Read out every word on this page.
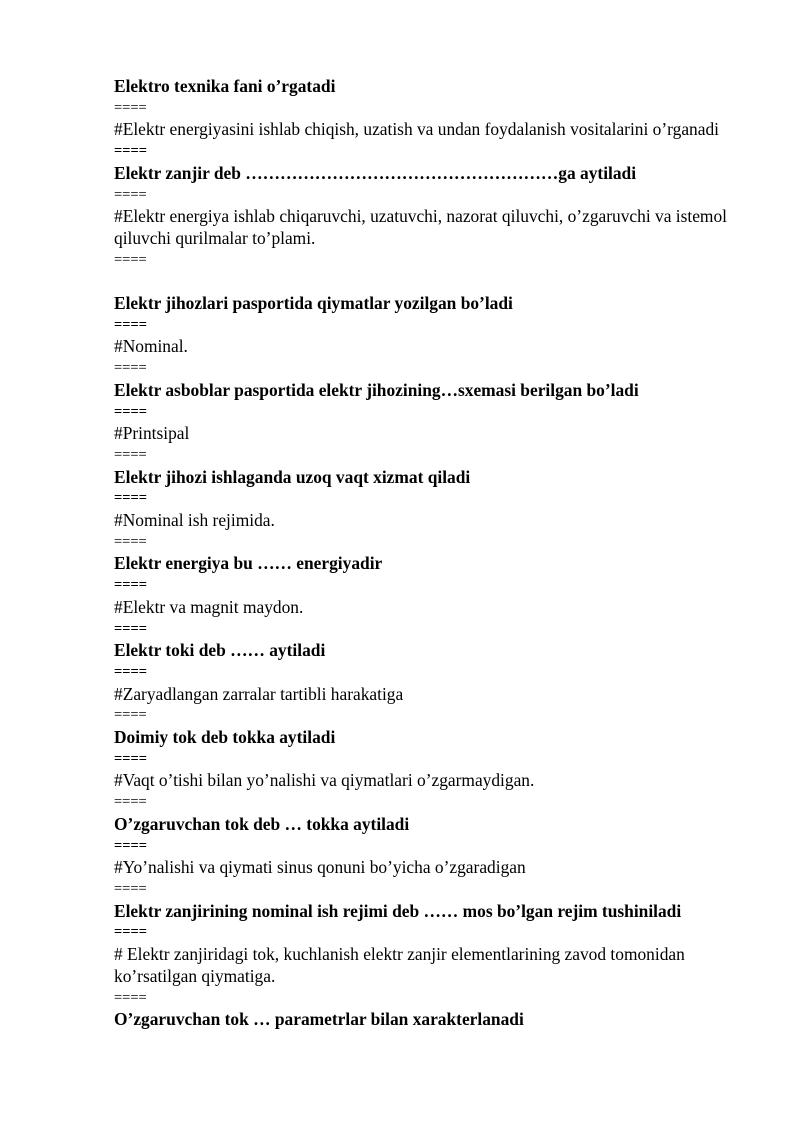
Elektro texnika fani o’rgatadi

====

#Elektr energiyasini ishlab chiqish, uzatish va undan foydalanish vositalarini o’rganadi

====

Elektr zanjir deb ………………………………………………ga aytiladi

====

#Elektr energiya ishlab chiqaruvchi, uzatuvchi, nazorat qiluvchi, o’zgaruvchi va istemol qiluvchi qurilmalar to’plami.

====

Elektr jihozlari pasportida qiymatlar yozilgan bo’ladi

====

#Nominal.

====

Elektr asboblar pasportida elektr jihozining…sxemasi berilgan bo’ladi

====

#Printsipal

====

Elektr jihozi ishlaganda uzoq vaqt xizmat qiladi

====

#Nominal ish rejimida.

====

Elektr energiya bu …… energiyadir

====

#Elektr va magnit maydon.

====

Elektr toki deb …… aytiladi

====

#Zaryadlangan zarralar tartibli harakatiga

====

Doimiy tok deb tokka aytiladi

====

#Vaqt o’tishi bilan yo’nalishi va qiymatlari o’zgarmaydigan.

====

O’zgaruvchan tok deb … tokka aytiladi

====

#Yo’nalishi va qiymati sinus qonuni bo’yicha o’zgaradigan

====

Elektr zanjirining nominal ish rejimi deb …… mos bo’lgan rejim tushiniladi

====

# Elektr zanjiridagi tok, kuchlanish elektr zanjir elementlarining zavod tomonidan ko’rsatilgan qiymatiga.

====

O’zgaruvchan tok … parametrlar bilan xarakterlanadi
